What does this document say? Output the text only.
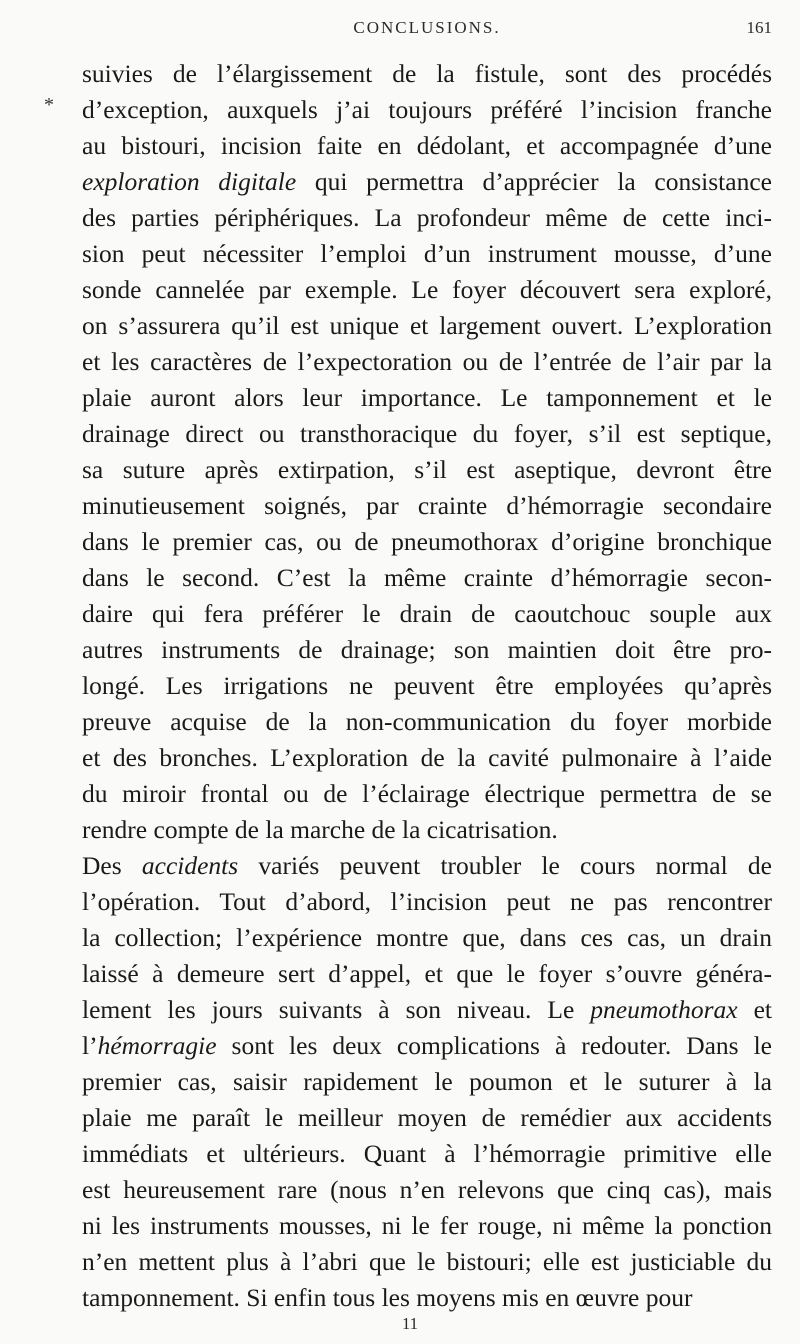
CONCLUSIONS.	161
*
suivies de l’élargissement de la fistule, sont des procédés
d’exception, auxquels j’ai toujours préféré l’incision franche
au bistouri, incision faite en dédolant, et accompagnée d’une
exploration digitale qui permettra d’apprécier la consistance
des parties périphériques. La profondeur même de cette inci-
sion peut nécessiter l’emploi d’un instrument mousse, d’une
sonde cannelée par exemple. Le foyer découvert sera exploré,
on s’assurera qu’il est unique et largement ouvert. L’exploration
et les caractères de l’expectoration ou de l’entrée de l’air par la
plaie auront alors leur importance. Le tamponnement et le
drainage direct ou transthoracique du foyer, s’il est septique,
sa suture après extirpation, s’il est aseptique, devront être
minutieusement soignés, par crainte d’hémorragie secondaire
dans le premier cas, ou de pneumothorax d’origine bronchique
dans le second. C’est la même crainte d’hémorragie secon-
daire qui fera préférer le drain de caoutchouc souple aux
autres instruments de drainage; son maintien doit être pro-
longé. Les irrigations ne peuvent être employées qu’après
preuve acquise de la non-communication du foyer morbide
et des bronches. L’exploration de la cavité pulmonaire à l’aide
du miroir frontal ou de l’éclairage électrique permettra de se
rendre compte de la marche de la cicatrisation.
Des accidents variés peuvent troubler le cours normal de
l’opération. Tout d’abord, l’incision peut ne pas rencontrer
la collection; l’expérience montre que, dans ces cas, un drain
laissé à demeure sert d’appel, et que le foyer s’ouvre généra-
lement les jours suivants à son niveau. Le pneumothorax et
l’hémorragie sont les deux complications à redouter. Dans le
premier cas, saisir rapidement le poumon et le suturer à la
plaie me paraît le meilleur moyen de remédier aux accidents
immédiats et ultérieurs. Quant à l’hémorragie primitive elle
est heureusement rare (nous n’en relevons que cinq cas), mais
ni les instruments mousses, ni le fer rouge, ni même la ponction
n’en mettent plus à l’abri que le bistouri; elle est justiciable du
tamponnement. Si enfin tous les moyens mis en œuvre pour
11
